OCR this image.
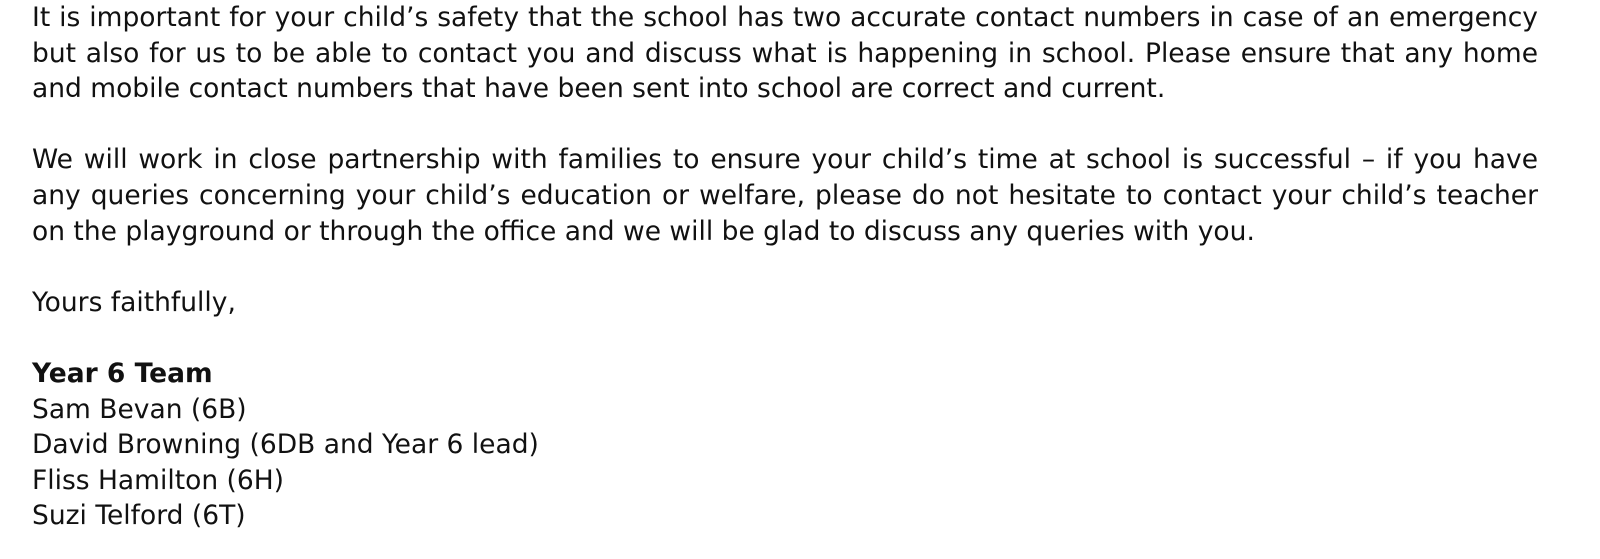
It is important for your child’s safety that the school has two accurate contact numbers in case of an emergency but also for us to be able to contact you and discuss what is happening in school. Please ensure that any home and mobile contact numbers that have been sent into school are correct and current.

We will work in close partnership with families to ensure your child’s time at school is successful – if you have any queries concerning your child’s education or welfare, please do not hesitate to contact your child’s teacher on the playground or through the office and we will be glad to discuss any queries with you.

Yours faithfully,

Year 6 Team

Sam Bevan (6B)

David Browning (6DB and Year 6 lead)

Fliss Hamilton (6H)

Suzi Telford (6T)
